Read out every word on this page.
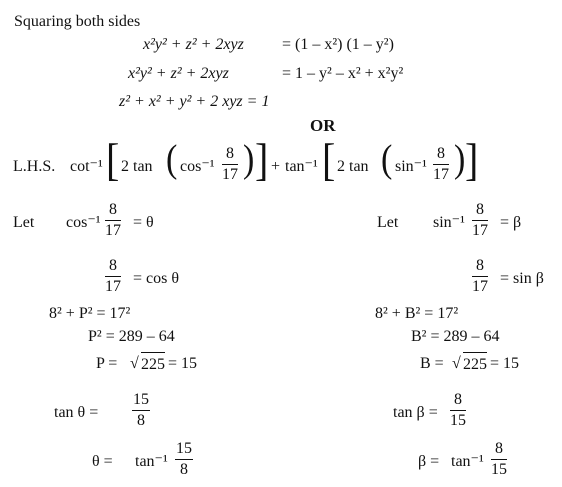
Squaring both sides
x²y² + z² + 2xyz = (1 – x²) (1 – y²)
x²y² + z² + 2xyz	= 1 – y² – x² + x²y²
z² + x² + y² + 2 xyz = 1
OR
L.H.S. cot⁻¹ [ 2 tan ( $\cos^{-1} \frac{8}{17}$ ) ] + tan⁻¹ [ 2 tan ( $\sin^{-1} \frac{8}{17}$ ) ]
Let $\cos^{-1} \frac{8}{17} = \theta$
$\frac{8}{17} = \cos \theta$
8² + P² = 17²
P² = 289 – 64
P = √ 225 = 15
$\tan \theta = \frac{15}{8}$
$\theta = \tan^{-1} \frac{15}{8}$
Let $\sin^{-1} \frac{8}{17} = \beta$
$\frac{8}{17} = \sin \beta$
8² + B² = 17²
B² = 289 – 64
B = √ 225 = 15
$\tan \beta = \frac{8}{15}$
$\beta = \tan^{-1} \frac{8}{15}$
